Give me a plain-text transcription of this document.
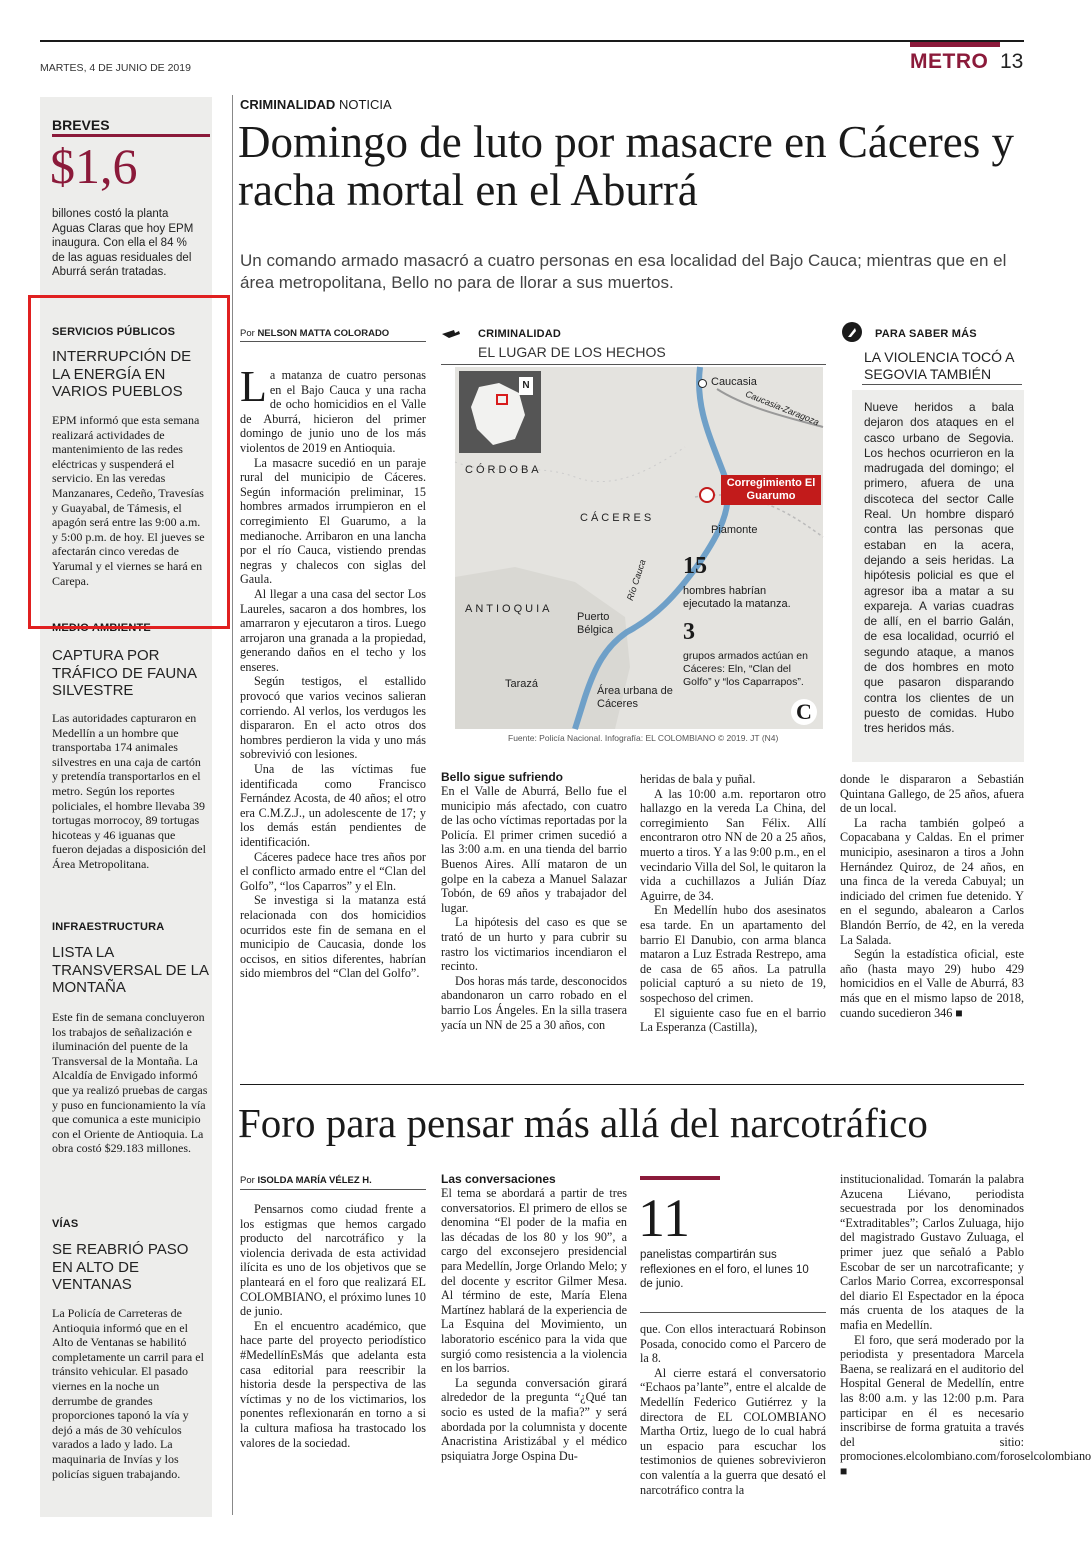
MARTES, 4 DE JUNIO DE 2019	METRO 13
BREVES
$1,6
billones costó la planta Aguas Claras que hoy EPM inaugura. Con ella el 84 % de las aguas residuales del Aburrá serán tratadas.
SERVICIOS PÚBLICOS
INTERRUPCIÓN DE LA ENERGÍA EN VARIOS PUEBLOS
EPM informó que esta semana realizará actividades de mantenimiento de las redes eléctricas y suspenderá el servicio. En las veredas Manzanares, Cedeño, Travesías y Guayabal, de Támesis, el apagón será entre las 9:00 a.m. y 5:00 p.m. de hoy. El jueves se afectarán cinco veredas de Yarumal y el viernes se hará en Carepa.
MEDIO AMBIENTE
CAPTURA POR TRÁFICO DE FAUNA SILVESTRE
Las autoridades capturaron en Medellín a un hombre que transportaba 174 animales silvestres en una caja de cartón y pretendía transportarlos en el metro. Según los reportes policiales, el hombre llevaba 39 tortugas morrocoy, 89 tortugas hicoteas y 46 iguanas que fueron dejadas a disposición del Área Metropolitana.
INFRAESTRUCTURA
LISTA LA TRANSVERSAL DE LA MONTAÑA
Este fin de semana concluyeron los trabajos de señalización e iluminación del puente de la Transversal de la Montaña. La Alcaldía de Envigado informó que ya realizó pruebas de cargas y puso en funcionamiento la vía que comunica a este municipio con el Oriente de Antioquia. La obra costó $29.183 millones.
VÍAS
SE REABRIÓ PASO EN ALTO DE VENTANAS
La Policía de Carreteras de Antioquia informó que en el Alto de Ventanas se habilitó completamente un carril para el tránsito vehicular. El pasado viernes en la noche un derrumbe de grandes proporciones taponó la vía y dejó a más de 30 vehículos varados a lado y lado. La maquinaria de Invías y los policías siguen trabajando.
CRIMINALIDAD NOTICIA
Domingo de luto por masacre en Cáceres y racha mortal en el Aburrá
Un comando armado masacró a cuatro personas en esa localidad del Bajo Cauca; mientras que en el área metropolitana, Bello no para de llorar a sus muertos.
Por NELSON MATTA COLORADO

La matanza de cuatro personas en el Bajo Cauca y una racha de ocho homicidios en el Valle de Aburrá, hicieron del primer domingo de junio uno de los más violentos de 2019 en Antioquia.

La masacre sucedió en un paraje rural del municipio de Cáceres. Según información preliminar, 15 hombres armados irrumpieron en el corregimiento El Guarumo, a la medianoche. Arribaron en una lancha por el río Cauca, vistiendo prendas negras y chalecos con siglas del Gaula.

Al llegar a una casa del sector Los Laureles, sacaron a dos hombres, los amarraron y ejecutaron a tiros. Luego arrojaron una granada a la propiedad, generando daños en el techo y los enseres.

Según testigos, el estallido provocó que varios vecinos salieran corriendo. Al verlos, los verdugos les dispararon. En el acto otros dos hombres perdieron la vida y uno más sobrevivió con lesiones.

Una de las víctimas fue identificada como Francisco Fernández Acosta, de 40 años; el otro era C.M.Z.J., un adolescente de 17; y los demás están pendientes de identificación.

Cáceres padece hace tres años por el conflicto armado entre el “Clan del Golfo”, “los Caparros” y el Eln.

Se investiga si la matanza está relacionada con dos homicidios ocurridos este fin de semana en el municipio de Caucasia, donde los occisos, en sitios diferentes, habrían sido miembros del “Clan del Golfo”.

CRIMINALIDAD
EL LUGAR DE LOS HECHOS
N	Caucasia
Caucasia-Zaragoza
CÓRDOBA
CÁCERES
Piamonte
ANTIOQUIA
Río Cauca
Puerto Bélgica
Tarazá
Área urbana de Cáceres
Corregimiento El Guarumo
15
hombres habrían ejecutado la matanza.
3
grupos armados actúan en Cáceres: Eln, “Clan del Golfo” y “los Caparrapos”.
C
Fuente: Policía Nacional. Infografía: EL COLOMBIANO © 2019. JT (N4)
PARA SABER MÁS
LA VIOLENCIA TOCÓ A SEGOVIA TAMBIÉN
Nueve heridos a bala dejaron dos ataques en el casco urbano de Segovia. Los hechos ocurrieron en la madrugada del domingo; el primero, afuera de una discoteca del sector Calle Real. Un hombre disparó contra las personas que estaban en la acera, dejando a seis heridas. La hipótesis policial es que el agresor iba a matar a su expareja. A varias cuadras de allí, en el barrio Galán, de esa localidad, ocurrió el segundo ataque, a manos de dos hombres en moto que pasaron disparando contra los clientes de un puesto de comidas. Hubo tres heridos más.
Bello sigue sufriendo

En el Valle de Aburrá, Bello fue el municipio más afectado, con cuatro de las ocho víctimas reportadas por la Policía. El primer crimen sucedió a las 3:00 a.m. en una tienda del barrio Buenos Aires. Allí mataron de un golpe en la cabeza a Manuel Salazar Tobón, de 69 años y trabajador del lugar.

La hipótesis del caso es que se trató de un hurto y para cubrir su rastro los victimarios incendiaron el recinto.

Dos horas más tarde, desconocidos abandonaron un carro robado en el barrio Los Ángeles. En la silla trasera yacía un NN de 25 a 30 años, con

heridas de bala y puñal.

A las 10:00 a.m. reportaron otro hallazgo en la vereda La China, del corregimiento San Félix. Allí encontraron otro NN de 20 a 25 años, muerto a tiros. Y a las 9:00 p.m., en el vecindario Villa del Sol, le quitaron la vida a cuchillazos a Julián Díaz Aguirre, de 34.

En Medellín hubo dos asesinatos esa tarde. En un apartamento del barrio El Danubio, con arma blanca mataron a Luz Estrada Restrepo, ama de casa de 65 años. La patrulla policial capturó a su nieto de 19, sospechoso del crimen.

El siguiente caso fue en el barrio La Esperanza (Castilla),

donde le dispararon a Sebastián Quintana Gallego, de 25 años, afuera de un local.

La racha también golpeó a Copacabana y Caldas. En el primer municipio, asesinaron a tiros a John Hernández Quiroz, de 24 años, en una finca de la vereda Cabuyal; un indiciado del crimen fue detenido. Y en el segundo, abalearon a Carlos Blandón Berrío, de 42, en la vereda La Salada.

Según la estadística oficial, este año (hasta mayo 29) hubo 429 homicidios en el Valle de Aburrá, 83 más que en el mismo lapso de 2018, cuando sucedieron 346 ■

Foro para pensar más allá del narcotráfico
Por ISOLDA MARÍA VÉLEZ H.

Pensarnos como ciudad frente a los estigmas que hemos cargado producto del narcotráfico y la violencia derivada de esta actividad ilícita es uno de los objetivos que se planteará en el foro que realizará EL COLOMBIANO, el próximo lunes 10 de junio.

En el encuentro académico, que hace parte del proyecto periodístico #MedellínEsMás que adelanta esta casa editorial para reescribir la historia desde la perspectiva de las víctimas y no de los victimarios, los ponentes reflexionarán en torno a si la cultura mafiosa ha trastocado los valores de la sociedad.

Las conversaciones

El tema se abordará a partir de tres conversatorios. El primero de ellos se denomina “El poder de la mafia en las décadas de los 80 y los 90”, a cargo del exconsejero presidencial para Medellín, Jorge Orlando Melo; y del docente y escritor Gilmer Mesa. Al término de este, María Elena Martínez hablará de la experiencia de La Esquina del Movimiento, un laboratorio escénico para la vida que surgió como resistencia a la violencia en los barrios.

La segunda conversación girará alrededor de la pregunta “¿Qué tan socio es usted de la mafia?” y será abordada por la columnista y docente Anacristina Aristizábal y el médico psiquiatra Jorge Ospina Du-

11
panelistas compartirán sus reflexiones en el foro, el lunes 10 de junio.

que. Con ellos interactuará Robinson Posada, conocido como el Parcero de la 8.

Al cierre estará el conversatorio “Echaos pa’lante”, entre el alcalde de Medellín Federico Gutiérrez y la directora de EL COLOMBIANO Martha Ortiz, luego de lo cual habrá un espacio para escuchar los testimonios de quienes sobrevivieron con valentía a la guerra que desató el narcotráfico contra la

institucionalidad. Tomarán la palabra Azucena Liévano, periodista secuestrada por los denominados “Extraditables”; Carlos Zuluaga, hijo del magistrado Gustavo Zuluaga, el primer juez que señaló a Pablo Escobar de ser un narcotraficante; y Carlos Mario Correa, excorresponsal del diario El Espectador en la época más cruenta de los ataques de la mafia en Medellín.

El foro, que será moderado por la periodista y presentadora Marcela Baena, se realizará en el auditorio del Hospital General de Medellín, entre las 8:00 a.m. y las 12:00 p.m. Para participar en él es necesario inscribirse de forma gratuita a través del sitio: promociones.elcolombiano.com/foroselcolombiano ■
